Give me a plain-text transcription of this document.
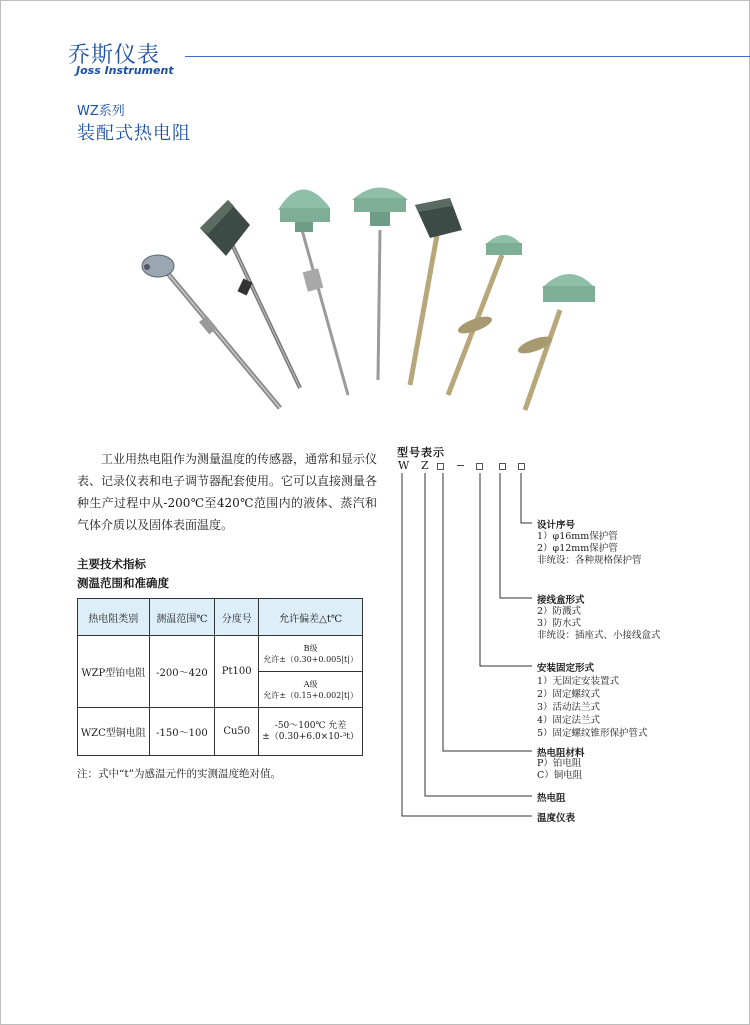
乔斯仪表
Joss Instrument
WZ系列
装配式热电阻
工业用热电阻作为测量温度的传感器，通常和显示仪表、记录仪表和电子调节器配套使用。它可以直接测量各种生产过程中从-200℃至420℃范围内的液体、蒸汽和气体介质以及固体表面温度。
主要技术指标
测温范围和准确度
热电阻类别	测温范围℃	分度号	允许偏差△t℃
WZP型铂电阻	-200～420	Pt100	B级
允许±（0.30+0.005|t|）

			A级
允许±（0.15+0.002|t|）

WZC型铜电阻	-150～100	Cu50	-50～100℃ 允差
±（0.30+6.0×10-³t）
注：式中“t”为感温元件的实测温度绝对值。
型号表示
W Z
设计序号
1）φ16mm保护管
2）φ12mm保护管
非统设：各种规格保护管
接线盒形式
2）防溅式
3）防水式
非统设：插座式、小接线盒式
安装固定形式
1）无固定安装置式
2）固定螺纹式
3）活动法兰式
4）固定法兰式
5）固定螺纹锥形保护管式
热电阻材料
P）铂电阻
C）铜电阻
热电阻
温度仪表
